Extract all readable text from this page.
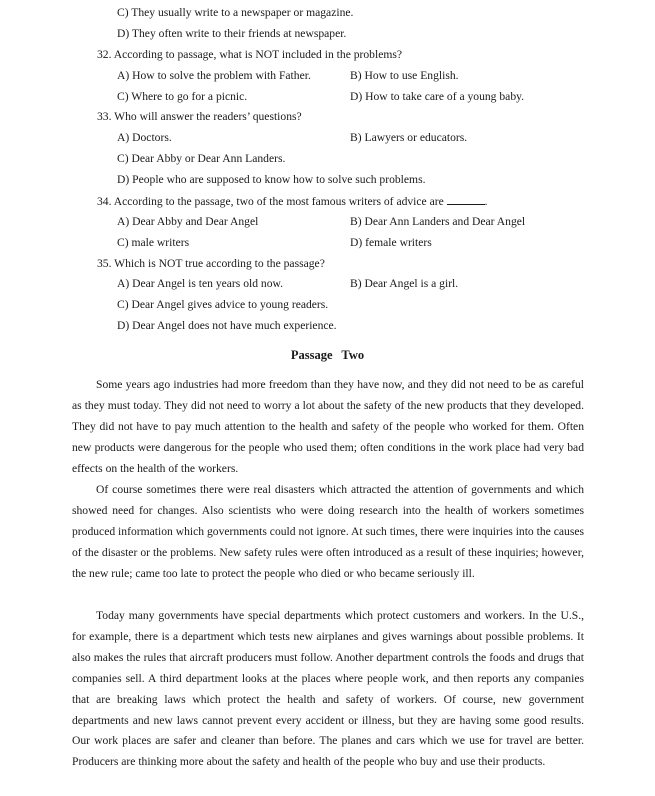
C) They usually write to a newspaper or magazine.
D) They often write to their friends at newspaper.
32. According to passage, what is NOT included in the problems?
A) How to solve the problem with Father.	B) How to use English.
C) Where to go for a picnic.	D) How to take care of a young baby.
33. Who will answer the readers’ questions?
A) Doctors.	B) Lawyers or educators.
C) Dear Abby or Dear Ann Landers.
D) People who are supposed to know how to solve such problems.
34. According to the passage, two of the most famous writers of advice are	.
A) Dear Abby and Dear Angel	B) Dear Ann Landers and Dear Angel
C) male writers	D) female writers
35. Which is NOT true according to the passage?
A) Dear Angel is ten years old now.	B) Dear Angel is a girl.
C) Dear Angel gives advice to young readers.
D) Dear Angel does not have much experience.
Passage Two

Some years ago industries had more freedom than they have now, and they did not need to be as careful as they must today. They did not need to worry a lot about the safety of the new products that they developed. They did not have to pay much attention to the health and safety of the people who worked for them. Often new products were dangerous for the people who used them; often conditions in the work place had very bad effects on the health of the workers.

Of course sometimes there were real disasters which attracted the attention of governments and which showed need for changes. Also scientists who were doing research into the health of workers sometimes produced information which governments could not ignore. At such times, there were inquiries into the causes of the disaster or the problems. New safety rules were often introduced as a result of these inquiries; however, the new rule; came too late to protect the people who died or who became seriously ill.

Today many governments have special departments which protect customers and workers. In the U.S., for example, there is a department which tests new airplanes and gives warnings about possible problems. It also makes the rules that aircraft producers must follow. Another department controls the foods and drugs that companies sell. A third department looks at the places where people work, and then reports any companies that are breaking laws which protect the health and safety of workers. Of course, new government departments and new laws cannot prevent every accident or illness, but they are having some good results. Our work places are safer and cleaner than before. The planes and cars which we use for travel are better. Producers are thinking more about the safety and health of the people who buy and use their products.
